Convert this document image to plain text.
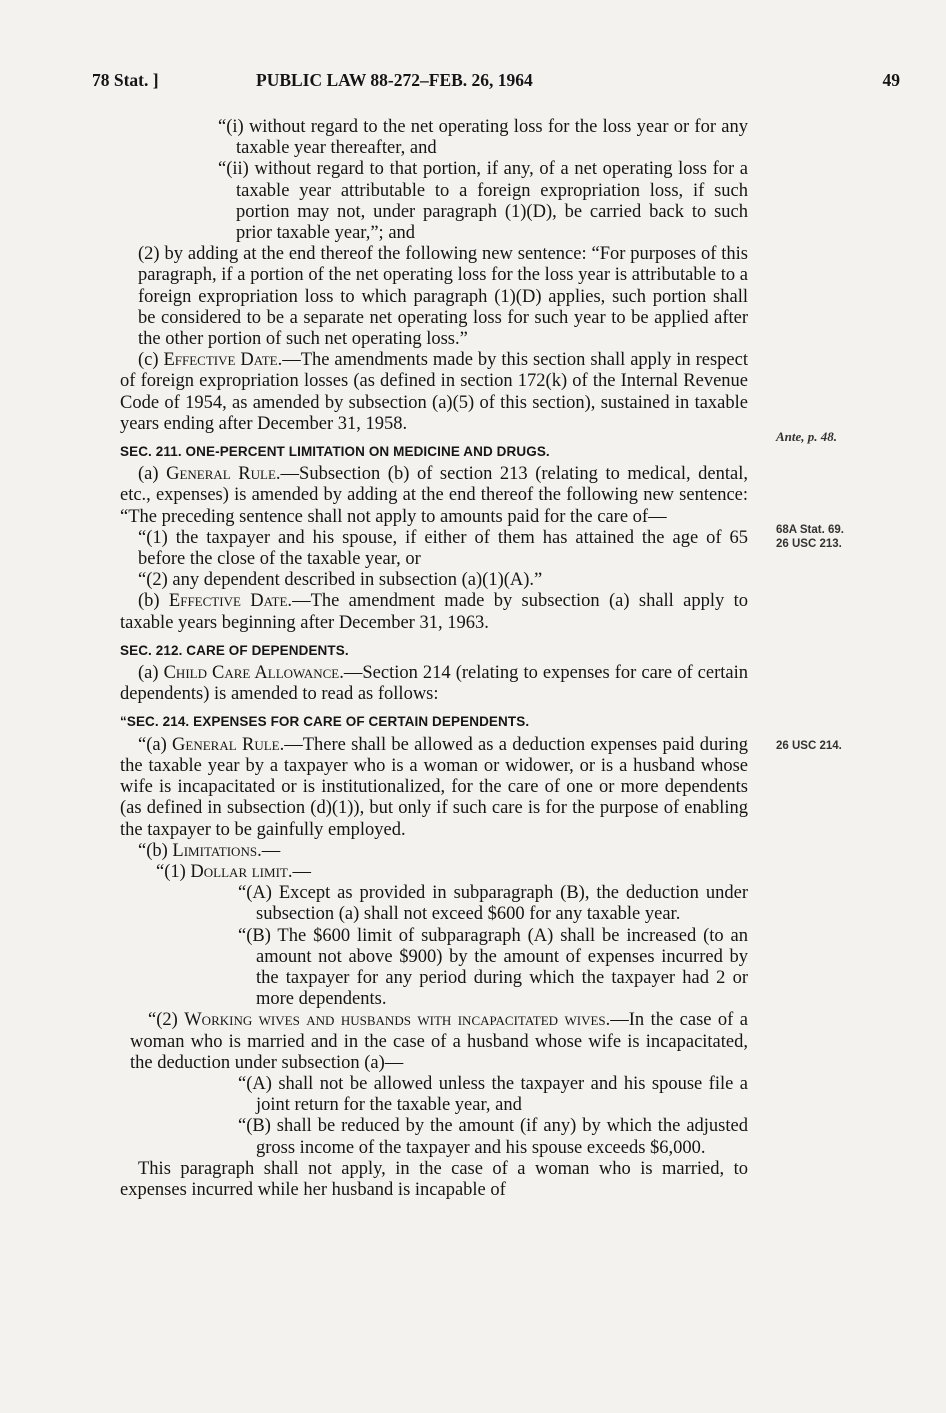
78 Stat. ]	PUBLIC LAW 88-272–FEB. 26, 1964	49

“(i) without regard to the net operating loss for the loss year or for any taxable year thereafter, and

“(ii) without regard to that portion, if any, of a net operating loss for a taxable year attributable to a foreign expropriation loss, if such portion may not, under paragraph (1)(D), be carried back to such prior taxable year,”; and

(2) by adding at the end thereof the following new sentence: “For purposes of this paragraph, if a portion of the net operating loss for the loss year is attributable to a foreign expropriation loss to which paragraph (1)(D) applies, such portion shall be considered to be a separate net operating loss for such year to be applied after the other portion of such net operating loss.”

(c) Effective Date.—The amendments made by this section shall apply in respect of foreign expropriation losses (as defined in section 172(k) of the Internal Revenue Code of 1954, as amended by subsection (a)(5) of this section), sustained in taxable years ending after December 31, 1958.

SEC. 211. ONE-PERCENT LIMITATION ON MEDICINE AND DRUGS.

(a) General Rule.—Subsection (b) of section 213 (relating to medical, dental, etc., expenses) is amended by adding at the end thereof the following new sentence: “The preceding sentence shall not apply to amounts paid for the care of—

“(1) the taxpayer and his spouse, if either of them has attained the age of 65 before the close of the taxable year, or

“(2) any dependent described in subsection (a)(1)(A).”

(b) Effective Date.—The amendment made by subsection (a) shall apply to taxable years beginning after December 31, 1963.

SEC. 212. CARE OF DEPENDENTS.

(a) Child Care Allowance.—Section 214 (relating to expenses for care of certain dependents) is amended to read as follows:

“SEC. 214. EXPENSES FOR CARE OF CERTAIN DEPENDENTS.

“(a) General Rule.—There shall be allowed as a deduction expenses paid during the taxable year by a taxpayer who is a woman or widower, or is a husband whose wife is incapacitated or is institutionalized, for the care of one or more dependents (as defined in subsection (d)(1)), but only if such care is for the purpose of enabling the taxpayer to be gainfully employed.

“(b) Limitations.—

“(1) Dollar limit.—

“(A) Except as provided in subparagraph (B), the deduction under subsection (a) shall not exceed $600 for any taxable year.

“(B) The $600 limit of subparagraph (A) shall be increased (to an amount not above $900) by the amount of expenses incurred by the taxpayer for any period during which the taxpayer had 2 or more dependents.

“(2) Working wives and husbands with incapacitated wives.—In the case of a woman who is married and in the case of a husband whose wife is incapacitated, the deduction under subsection (a)—

“(A) shall not be allowed unless the taxpayer and his spouse file a joint return for the taxable year, and

“(B) shall be reduced by the amount (if any) by which the adjusted gross income of the taxpayer and his spouse exceeds $6,000.

This paragraph shall not apply, in the case of a woman who is married, to expenses incurred while her husband is incapable of

Ante, p. 48.
68A Stat. 69.
26 USC 213.
26 USC 214.
